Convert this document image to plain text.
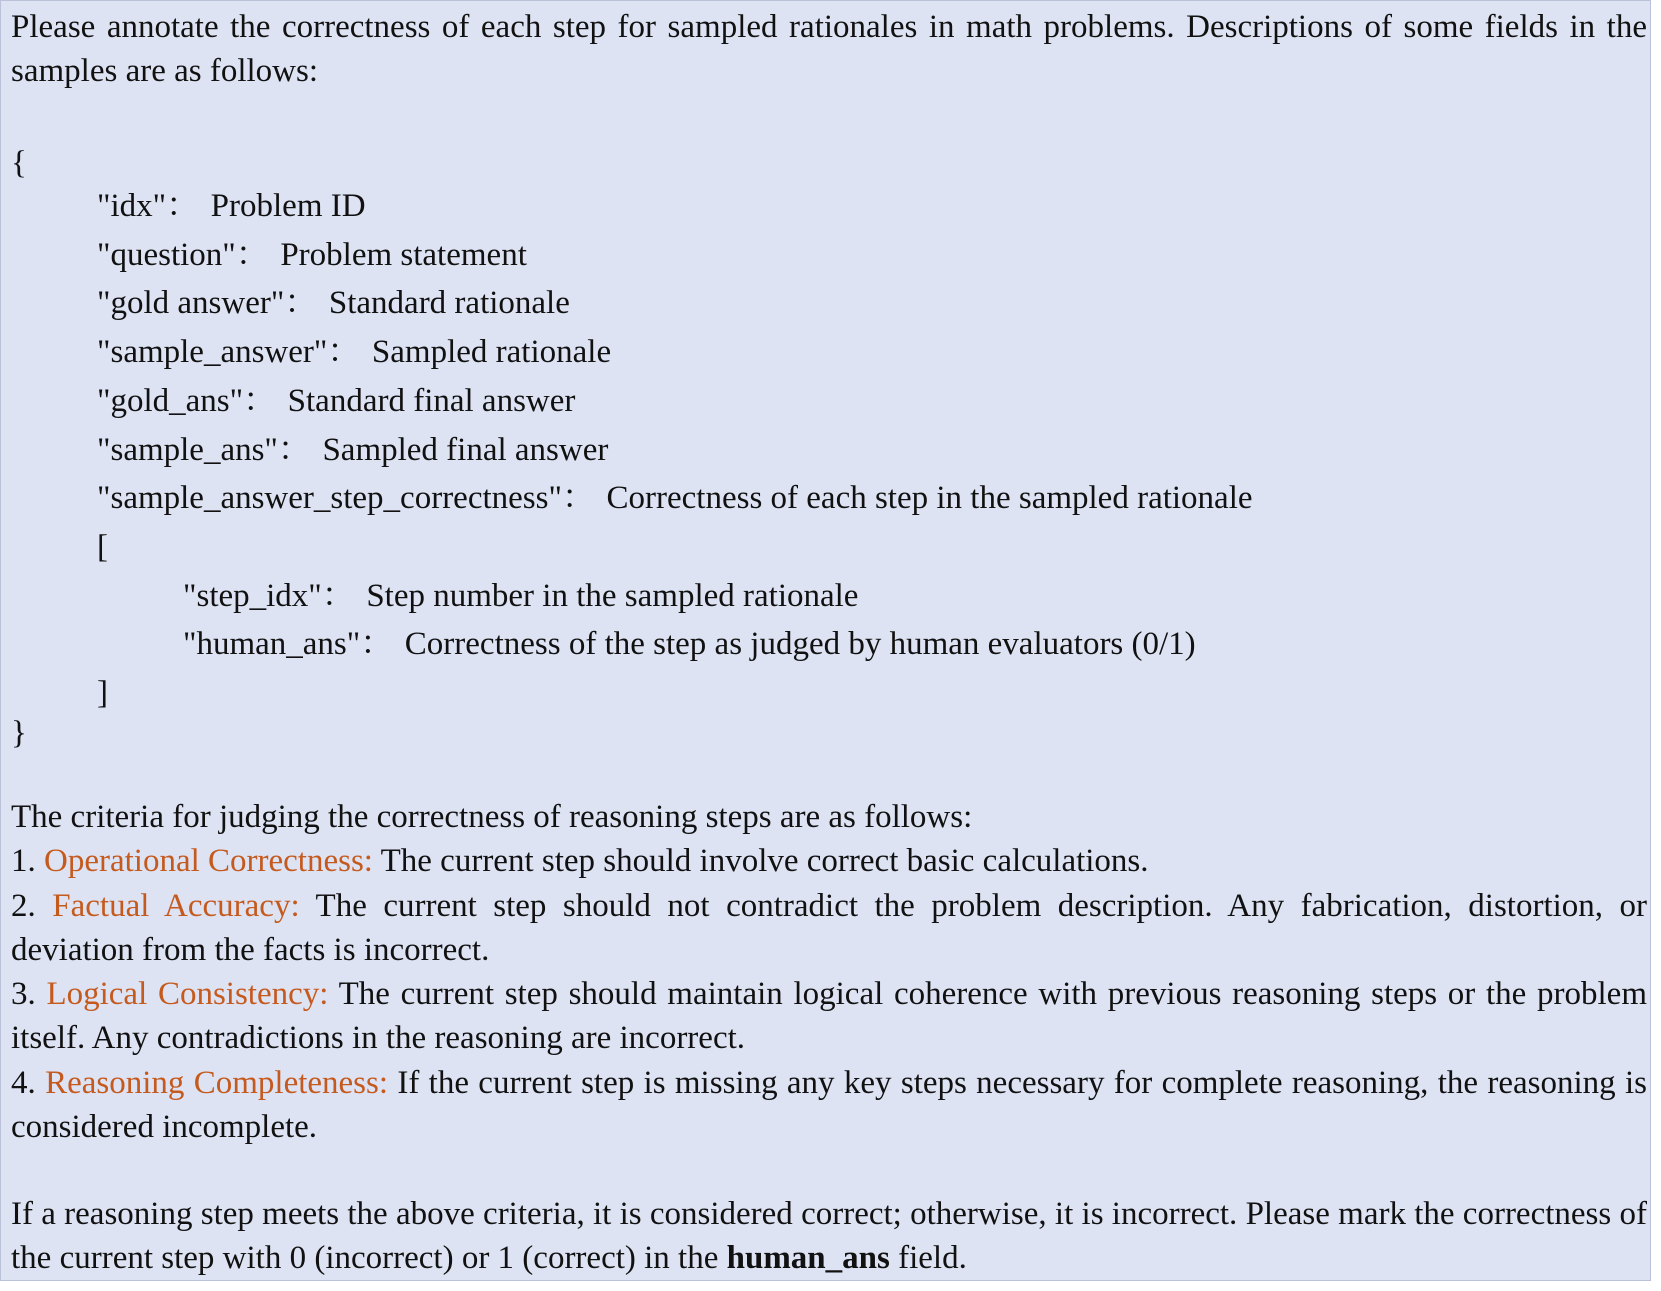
Please annotate the correctness of each step for sampled rationales in math problems. Descriptions of some fields in the samples are as follows:

{
"idx"： Problem ID
"question"： Problem statement
"gold answer"： Standard rationale
"sample_answer"： Sampled rationale
"gold_ans"： Standard final answer
"sample_ans"： Sampled final answer
"sample_answer_step_correctness"： Correctness of each step in the sampled rationale
[
"step_idx"： Step number in the sampled rationale
"human_ans"： Correctness of the step as judged by human evaluators (0/1)
]
}

The criteria for judging the correctness of reasoning steps are as follows:

1. Operational Correctness: The current step should involve correct basic calculations.

2. Factual Accuracy: The current step should not contradict the problem description. Any fabrication, distortion, or deviation from the facts is incorrect.

3. Logical Consistency: The current step should maintain logical coherence with previous reasoning steps or the problem itself. Any contradictions in the reasoning are incorrect.

4. Reasoning Completeness: If the current step is missing any key steps necessary for complete reasoning, the reasoning is considered incomplete.

If a reasoning step meets the above criteria, it is considered correct; otherwise, it is incorrect. Please mark the correctness of the current step with 0 (incorrect) or 1 (correct) in the human_ans field.
